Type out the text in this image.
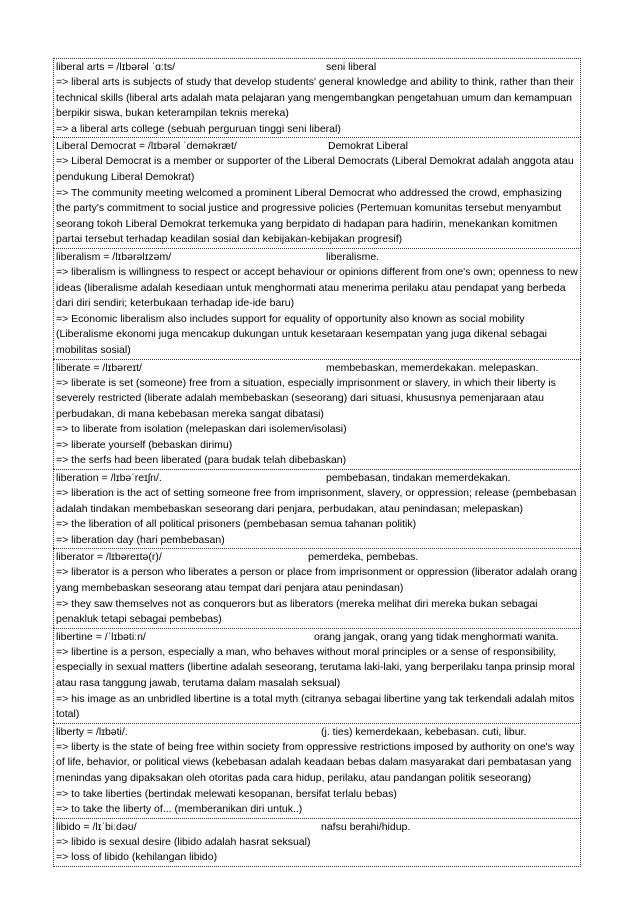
liberal arts = /lɪbərəl ˈɑːts/	seni liberal
=> liberal arts is subjects of study that develop students' general knowledge and ability to think, rather than their technical skills (liberal arts adalah mata pelajaran yang mengembangkan pengetahuan umum dan kemampuan berpikir siswa, bukan keterampilan teknis mereka)
=> a liberal arts college (sebuah perguruan tinggi seni liberal)
Liberal Democrat = /lɪbərəl ˈdeməkræt/	Demokrat Liberal
=> Liberal Democrat is a member or supporter of the Liberal Democrats (Liberal Demokrat adalah anggota atau pendukung Liberal Demokrat)
=> The community meeting welcomed a prominent Liberal Democrat who addressed the crowd, emphasizing the party's commitment to social justice and progressive policies (Pertemuan komunitas tersebut menyambut seorang tokoh Liberal Demokrat terkemuka yang berpidato di hadapan para hadirin, menekankan komitmen partai tersebut terhadap keadilan sosial dan kebijakan-kebijakan progresif)
liberalism = /lɪbərəlɪzəm/	liberalisme.
=> liberalism is willingness to respect or accept behaviour or opinions different from one's own; openness to new ideas (liberalisme adalah kesediaan untuk menghormati atau menerima perilaku atau pendapat yang berbeda dari diri sendiri; keterbukaan terhadap ide-ide baru)
=> Economic liberalism also includes support for equality of opportunity also known as social mobility (Liberalisme ekonomi juga mencakup dukungan untuk kesetaraan kesempatan yang juga dikenal sebagai mobilitas sosial)
liberate = /lɪbəreɪt/	membebaskan, memerdekakan. melepaskan.
=> liberate is set (someone) free from a situation, especially imprisonment or slavery, in which their liberty is severely restricted (liberate adalah membebaskan (seseorang) dari situasi, khususnya pemenjaraan atau perbudakan, di mana kebebasan mereka sangat dibatasi)
=> to liberate from isolation (melepaskan dari isolemen/isolasi)
=> liberate yourself (bebaskan dirimu)
=> the serfs had been liberated (para budak telah dibebaskan)
liberation = /lɪbəˈreɪʃn/.	pembebasan, tindakan memerdekakan.
=> liberation is the act of setting someone free from imprisonment, slavery, or oppression; release (pembebasan adalah tindakan membebaskan seseorang dari penjara, perbudakan, atau penindasan; melepaskan)
=> the liberation of all political prisoners (pembebasan semua tahanan politik)
=> liberation day (hari pembebasan)
liberator = /lɪbəreɪtə(r)/	pemerdeka, pembebas.
=> liberator is a person who liberates a person or place from imprisonment or oppression (liberator adalah orang yang membebaskan seseorang atau tempat dari penjara atau penindasan)
=> they saw themselves not as conquerors but as liberators (mereka melihat diri mereka bukan sebagai penakluk tetapi sebagai pembebas)
libertine = /ˈlɪbətiːn/	orang jangak, orang yang tidak menghormati wanita.
=> libertine is a person, especially a man, who behaves without moral principles or a sense of responsibility, especially in sexual matters (libertine adalah seseorang, terutama laki-laki, yang berperilaku tanpa prinsip moral atau rasa tanggung jawab, terutama dalam masalah seksual)
=> his image as an unbridled libertine is a total myth (citranya sebagai libertine yang tak terkendali adalah mitos total)
liberty = /lɪbəti/.	(j. ties) kemerdekaan, kebebasan. cuti, libur.
=> liberty is the state of being free within society from oppressive restrictions imposed by authority on one's way of life, behavior, or political views (kebebasan adalah keadaan bebas dalam masyarakat dari pembatasan yang menindas yang dipaksakan oleh otoritas pada cara hidup, perilaku, atau pandangan politik seseorang)
=> to take liberties (bertindak melewati kesopanan, bersifat terlalu bebas)
=> to take the liberty of... (memberanikan diri untuk..)
libido = /lɪˈbiːdəʊ/	nafsu berahi/hidup.
=> libido is sexual desire (libido adalah hasrat seksual)
=> loss of libido (kehilangan libido)
